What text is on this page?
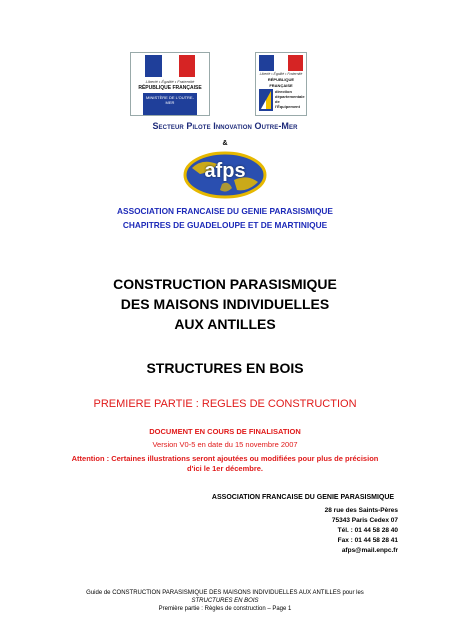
Liberté • Égalité • Fraternité
RÉPUBLIQUE FRANÇAISE
MINISTÈRE DE L'OUTRE-MER
Liberté • Égalité • Fraternité
RÉPUBLIQUE FRANÇAISE
direction départementale de l'Équipement
Secteur Pilote Innovation Outre-Mer
&
afps
ASSOCIATION FRANCAISE DU GENIE PARASISMIQUE
CHAPITRES DE GUADELOUPE ET DE MARTINIQUE
CONSTRUCTION PARASISMIQUE
DES MAISONS INDIVIDUELLES
AUX ANTILLES
STRUCTURES EN BOIS
PREMIERE PARTIE : REGLES DE CONSTRUCTION
DOCUMENT EN COURS DE FINALISATION
Version V0-5 en date du 15 novembre 2007
Attention : Certaines illustrations seront ajoutées ou modifiées pour plus de précision
d'ici le 1er décembre.
ASSOCIATION FRANCAISE DU GENIE PARASISMIQUE
28 rue des Saints-Pères
75343 Paris Cedex 07
Tél. : 01 44 58 28 40
Fax : 01 44 58 28 41
afps@mail.enpc.fr
Guide de CONSTRUCTION PARASISMIQUE DES MAISONS INDIVIDUELLES AUX ANTILLES pour les
STRUCTURES EN BOIS
Première partie : Règles de construction – Page 1
